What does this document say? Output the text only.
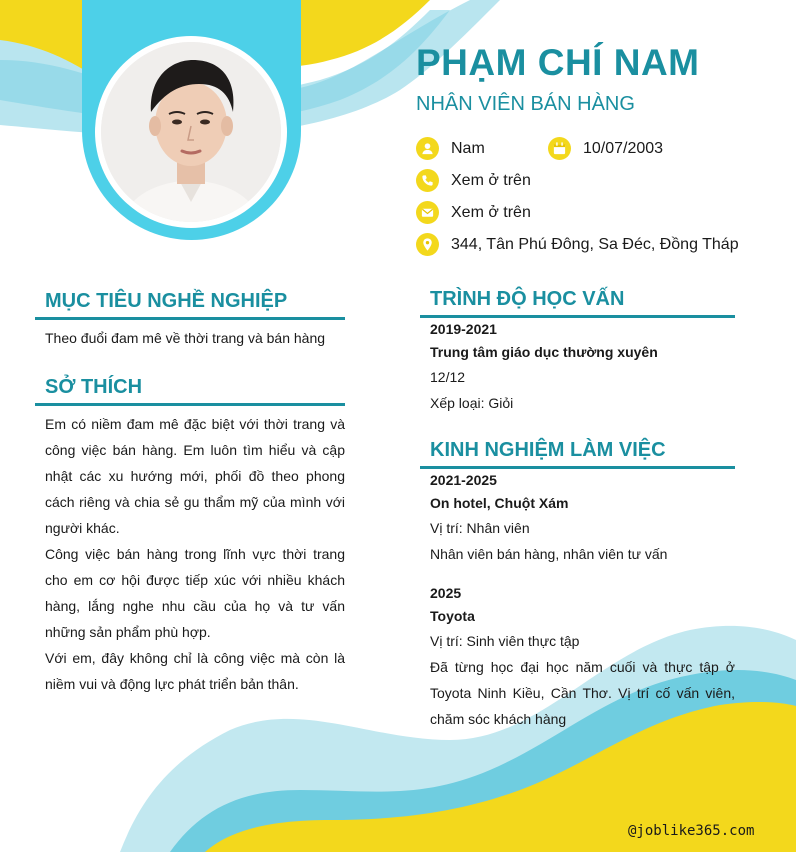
PHẠM CHÍ NAM
NHÂN VIÊN BÁN HÀNG
Nam	10/07/2003
Xem ở trên
Xem ở trên
344, Tân Phú Đông, Sa Đéc, Đồng Tháp
MỤC TIÊU NGHỀ NGHIỆP
Theo đuổi đam mê về thời trang và bán hàng
SỞ THÍCH
Em có niềm đam mê đặc biệt với thời trang và công việc bán hàng. Em luôn tìm hiểu và cập nhật các xu hướng mới, phối đồ theo phong cách riêng và chia sẻ gu thẩm mỹ của mình với người khác.
Công việc bán hàng trong lĩnh vực thời trang cho em cơ hội được tiếp xúc với nhiều khách hàng, lắng nghe nhu cầu của họ và tư vấn những sản phẩm phù hợp.
Với em, đây không chỉ là công việc mà còn là niềm vui và động lực phát triển bản thân.
TRÌNH ĐỘ HỌC VẤN
2019-2021
Trung tâm giáo dục thường xuyên
12/12
Xếp loại: Giỏi
KINH NGHIỆM LÀM VIỆC
2021-2025
On hotel, Chuột Xám
Vị trí: Nhân viên
Nhân viên bán hàng, nhân viên tư vấn
2025
Toyota
Vị trí: Sinh viên thực tập
Đã từng học đại học năm cuối và thực tập ở Toyota Ninh Kiều, Cần Thơ. Vị trí cố vấn viên, chăm sóc khách hàng
@joblike365.com
